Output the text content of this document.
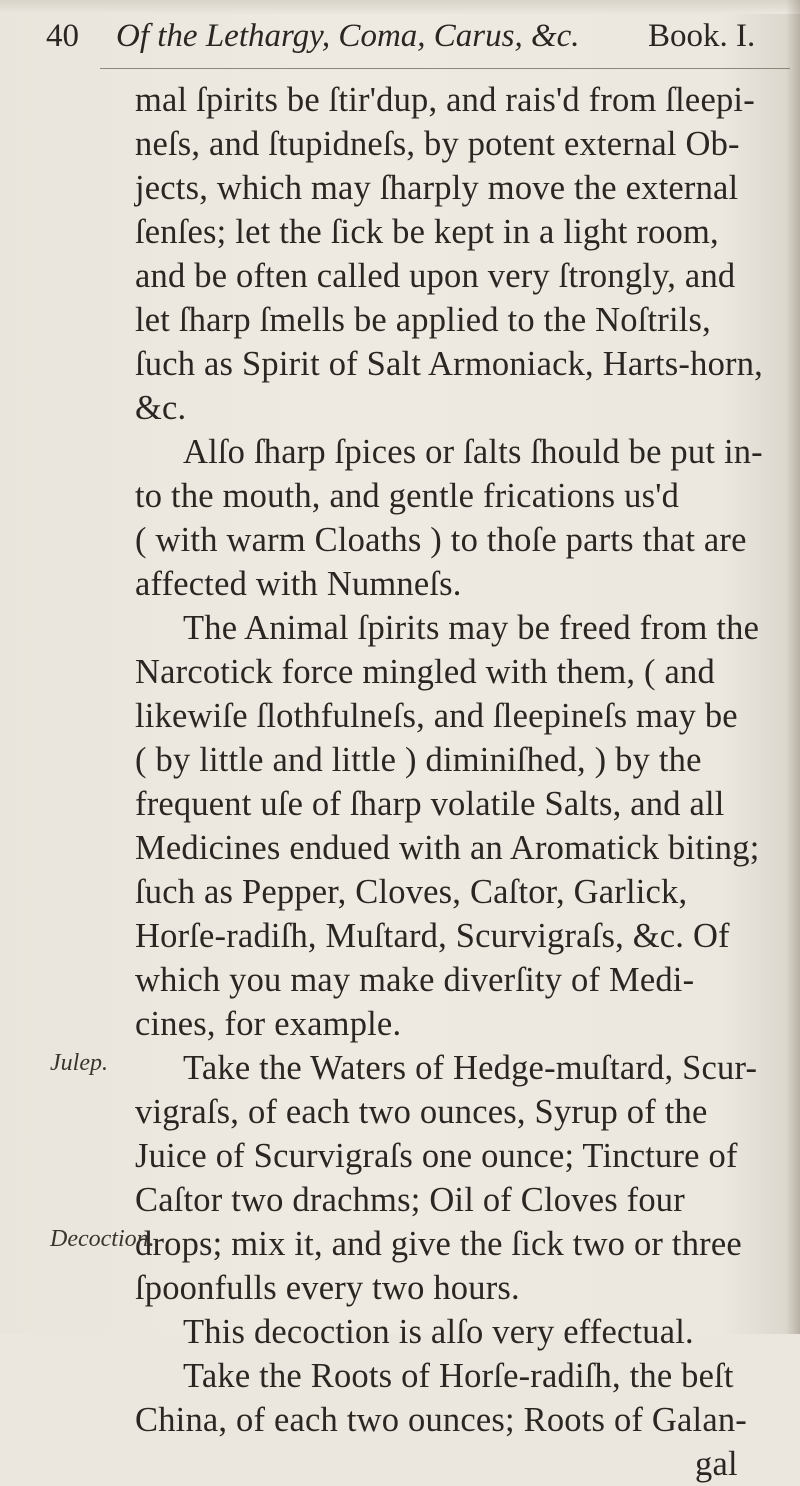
40 Of the Lethargy, Coma, Carus, &c. Book. I.
mal ſpirits be ſtir'dup, and rais'd from ſleepi-
neſs, and ſtupidneſs, by potent external Ob-
jects, which may ſharply move the external
ſenſes; let the ſick be kept in a light room,
and be often called upon very ſtrongly, and
let ſharp ſmells be applied to the Noſtrils,
ſuch as Spirit of Salt Armoniack, Harts-horn,
&c.
Alſo ſharp ſpices or ſalts ſhould be put in-
to the mouth, and gentle frications us'd
( with warm Cloaths ) to thoſe parts that are
affected with Numneſs.
The Animal ſpirits may be freed from the
Narcotick force mingled with them, ( and
likewiſe ſlothfulneſs, and ſleepineſs may be
( by little and little ) diminiſhed, ) by the
frequent uſe of ſharp volatile Salts, and all
Medicines endued with an Aromatick biting;
ſuch as Pepper, Cloves, Caſtor, Garlick,
Horſe-radiſh, Muſtard, Scurvigraſs, &c. Of
which you may make diverſity of Medi-
cines, for example.
Take the Waters of Hedge-muſtard, Scur-
vigraſs, of each two ounces, Syrup of the
Juice of Scurvigraſs one ounce; Tincture of
Caſtor two drachms; Oil of Cloves four
drops; mix it, and give the ſick two or three
ſpoonfulls every two hours.
This decoction is alſo very effectual.
Take the Roots of Horſe-radiſh, the beſt
China, of each two ounces; Roots of Galan-
gal
Julep.
Decoction.
